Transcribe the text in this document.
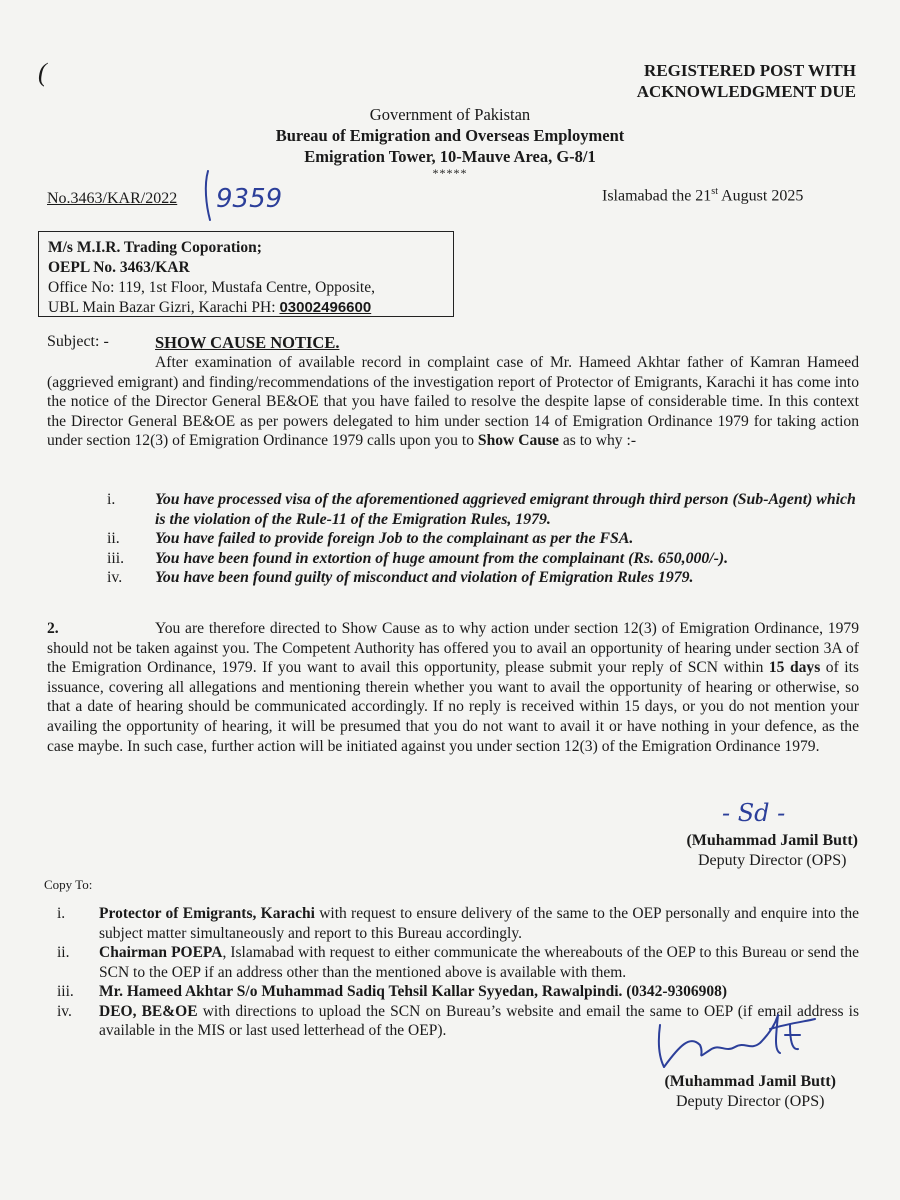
(	REGISTERED POST WITH
ACKNOWLEDGMENT DUE
Government of Pakistan
Bureau of Emigration and Overseas Employment
Emigration Tower, 10-Mauve Area, G-8/1
*****
No.3463/KAR/2022 9359	Islamabad the 21st August 2025
M/s M.I.R. Trading Coporation;
OEPL No. 3463/KAR
Office No: 119, 1st Floor, Mustafa Centre, Opposite,
UBL Main Bazar Gizri, Karachi PH: 03002496600
Subject: -	SHOW CAUSE NOTICE.
After examination of available record in complaint case of Mr. Hameed Akhtar father of Kamran Hameed (aggrieved emigrant) and finding/recommendations of the investigation report of Protector of Emigrants, Karachi it has come into the notice of the Director General BE&OE that you have failed to resolve the despite lapse of considerable time. In this context the Director General BE&OE as per powers delegated to him under section 14 of Emigration Ordinance 1979 for taking action under section 12(3) of Emigration Ordinance 1979 calls upon you to Show Cause as to why :-
i.	You have processed visa of the aforementioned aggrieved emigrant through third person (Sub-Agent) which is the violation of the Rule-11 of the Emigration Rules, 1979.
ii.	You have failed to provide foreign Job to the complainant as per the FSA.
iii.	You have been found in extortion of huge amount from the complainant (Rs. 650,000/-).
iv.	You have been found guilty of misconduct and violation of Emigration Rules 1979.
2.	You are therefore directed to Show Cause as to why action under section 12(3) of Emigration Ordinance, 1979 should not be taken against you. The Competent Authority has offered you to avail an opportunity of hearing under section 3A of the Emigration Ordinance, 1979. If you want to avail this opportunity, please submit your reply of SCN within 15 days of its issuance, covering all allegations and mentioning therein whether you want to avail the opportunity of hearing or otherwise, so that a date of hearing should be communicated accordingly. If no reply is received within 15 days, or you do not mention your availing the opportunity of hearing, it will be presumed that you do not want to avail it or have nothing in your defence, as the case maybe. In such case, further action will be initiated against you under section 12(3) of the Emigration Ordinance 1979.
- Sd -
(Muhammad Jamil Butt)
Deputy Director (OPS)
Copy To:
i.	Protector of Emigrants, Karachi with request to ensure delivery of the same to the OEP personally and enquire into the subject matter simultaneously and report to this Bureau accordingly.
ii.	Chairman POEPA, Islamabad with request to either communicate the whereabouts of the OEP to this Bureau or send the SCN to the OEP if an address other than the mentioned above is available with them.
iii.	Mr. Hameed Akhtar S/o Muhammad Sadiq Tehsil Kallar Syyedan, Rawalpindi. (0342-9306908)
iv.	DEO, BE&OE with directions to upload the SCN on Bureau’s website and email the same to OEP (if email address is available in the MIS or last used letterhead of the OEP).
(Muhammad Jamil Butt)
Deputy Director (OPS)
